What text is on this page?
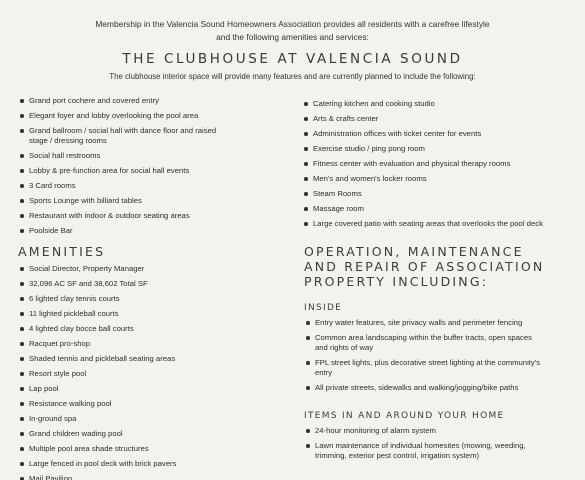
Membership in the Valencia Sound Homeowners Association provides all residents with a carefree lifestyle
and the following amenities and services:
THE CLUBHOUSE AT VALENCIA SOUND
The clubhouse interior space will provide many features and are currently planned to include the following:
Grand port cochere and covered entry
Elegant foyer and lobby overlooking the pool area
Grand ballroom / social hall with dance floor and raised stage / dressing rooms
Social hall restrooms
Lobby & pre-function area for social hall events
3 Card rooms
Sports Lounge with billiard tables
Restaurant with indoor & outdoor seating areas
Poolside Bar
Catering kitchen and cooking studio
Arts & crafts center
Administration offices with ticket center for events
Exercise studio / ping pong room
Fitness center with evaluation and physical therapy rooms
Men's and women's locker rooms
Steam Rooms
Massage room
Large covered patio with seating areas that overlooks the pool deck
AMENITIES
Social Director, Property Manager
32,096 AC SF and 38,602 Total SF
6 lighted clay tennis courts
11 lighted pickleball courts
4 lighted clay bocce ball courts
Racquet pro-shop
Shaded tennis and pickleball seating areas
Resort style pool
Lap pool
Resistance walking pool
In-ground spa
Grand children wading pool
Multiple pool area shade structures
Large fenced in pool deck with brick pavers
Mail Pavilion
OPERATION, MAINTENANCE
AND REPAIR OF ASSOCIATION
PROPERTY INCLUDING:
INSIDE
Entry water features, site privacy walls and perimeter fencing
Common area landscaping within the buffer tracts, open spaces and rights of way
FPL street lights, plus decorative street lighting at the community's entry
All private streets, sidewalks and walking/jogging/bike paths
ITEMS IN AND AROUND YOUR HOME
24-hour monitoring of alarm system
Lawn maintenance of individual homesites (mowing, weeding, trimming, exterior pest control, irrigation system)
